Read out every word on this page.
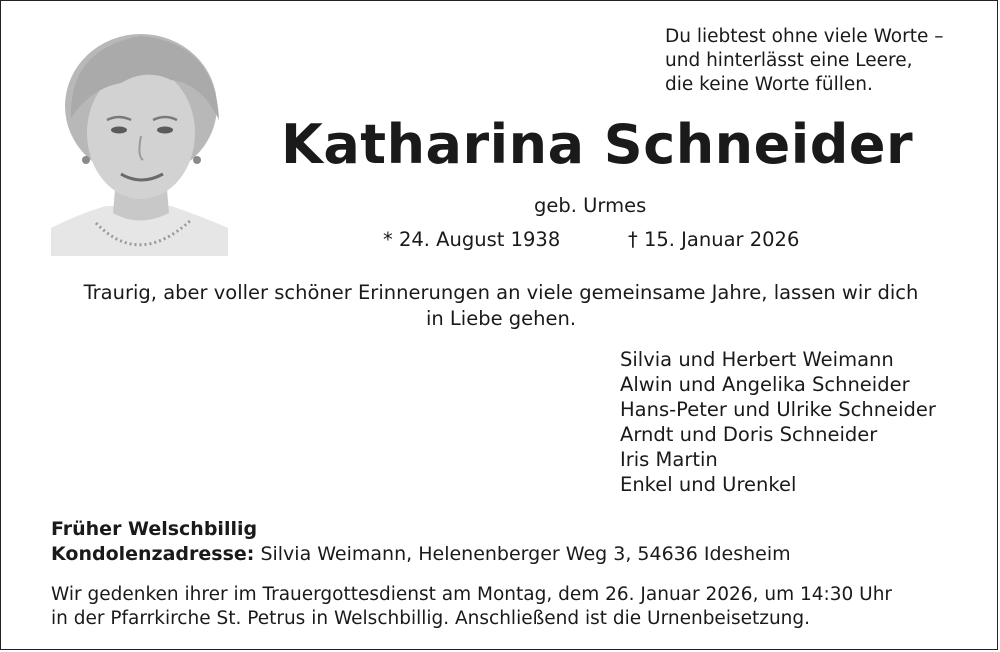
Du liebtest ohne viele Worte –
und hinterlässt eine Leere,
die keine Worte füllen.
Katharina Schneider
geb. Urmes
* 24. August 1938	† 15. Januar 2026
Traurig, aber voller schöner Erinnerungen an viele gemeinsame Jahre, lassen wir dich
in Liebe gehen.
Silvia und Herbert Weimann
Alwin und Angelika Schneider
Hans-Peter und Ulrike Schneider
Arndt und Doris Schneider
Iris Martin
Enkel und Urenkel
Früher Welschbillig
Kondolenzadresse: Silvia Weimann, Helenenberger Weg 3, 54636 Idesheim
Wir gedenken ihrer im Trauergottesdienst am Montag, dem 26. Januar 2026, um 14:30 Uhr
in der Pfarrkirche St. Petrus in Welschbillig. Anschließend ist die Urnenbeisetzung.
